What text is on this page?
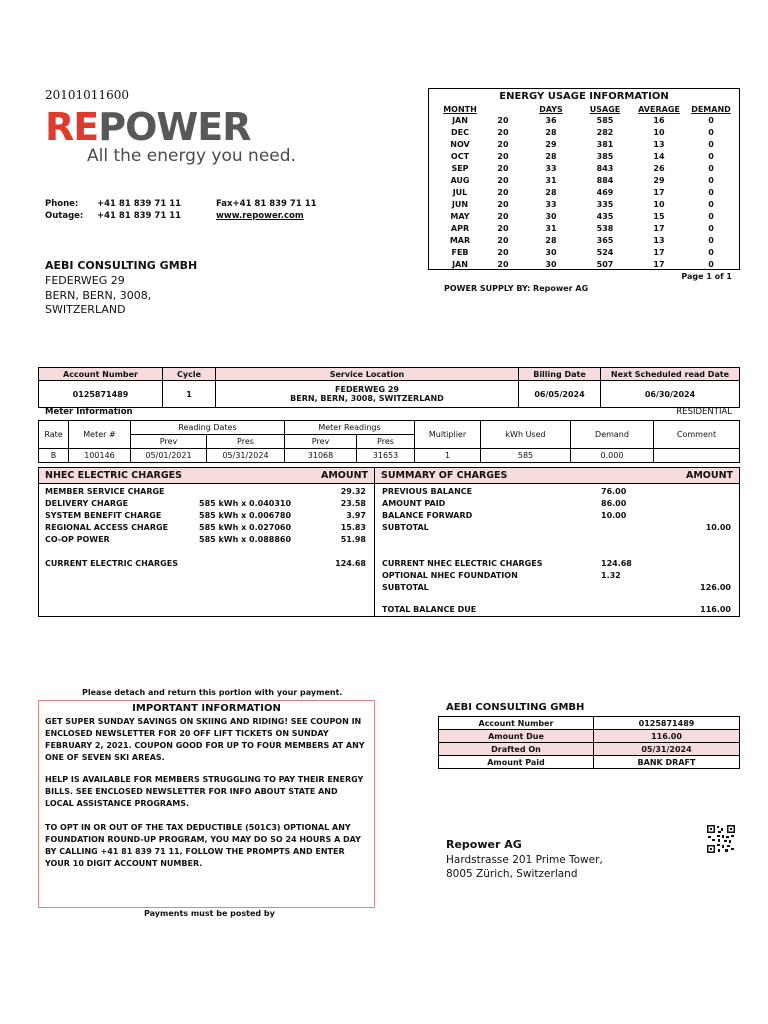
20101011600
REPOWER
All the energy you need.
Phone: +41 81 839 71 11	Fax+41 81 839 71 11
Outage: +41 81 839 71 11	www.repower.com
AEBI CONSULTING GMBH
FEDERWEG 29
BERN, BERN, 3008,
SWITZERLAND
ENERGY USAGE INFORMATION
MONTH		DAYS	USAGE	AVERAGE	DEMAND
JAN	20	36	585	16	0
DEC	20	28	282	10	0
NOV	20	29	381	13	0
OCT	20	28	385	14	0
SEP	20	33	843	26	0
AUG	20	31	884	29	0
JUL	20	28	469	17	0
JUN	20	33	335	10	0
MAY	20	30	435	15	0
APR	20	31	538	17	0
MAR	20	28	365	13	0
FEB	20	30	524	17	0
JAN	20	30	507	17	0
Page 1 of 1
POWER SUPPLY BY: Repower AG
Account Number	Cycle	Service Location	Billing Date	Next Scheduled read Date
0125871489	1	FEDERWEG 29
BERN, BERN, 3008, SWITZERLAND	06/05/2024	06/30/2024
Meter Information	RESIDENTIAL
Rate	Meter #	Reading Dates		Meter Readings		Multiplier	kWh Used	Demand	Comment
		Prev	Pres	Prev	Pres				
B	100146	05/01/2021	05/31/2024	31068	31653	1	585	0.000	
NHEC ELECTRIC CHARGES	AMOUNT SUMMARY OF CHARGES	AMOUNT
MEMBER SERVICE CHARGE	29.32
DELIVERY CHARGE	585 kWh x 0.040310	23.58
SYSTEM BENEFIT CHARGE	585 kWh x 0.006780	3.97
REGIONAL ACCESS CHARGE	585 kWh x 0.027060	15.83
CO-OP POWER	585 kWh x 0.088860	51.98
CURRENT ELECTRIC CHARGES	124.68
PREVIOUS BALANCE	76.00
AMOUNT PAID	86.00
BALANCE FORWARD	10.00
SUBTOTAL	10.00
CURRENT NHEC ELECTRIC CHARGES	124.68
OPTIONAL NHEC FOUNDATION	1.32
SUBTOTAL	126.00
TOTAL BALANCE DUE	116.00
Please detach and return this portion with your payment.
IMPORTANT INFORMATION
GET SUPER SUNDAY SAVINGS ON SKIING AND RIDING! SEE COUPON IN ENCLOSED NEWSLETTER FOR 20 OFF LIFT TICKETS ON SUNDAY FEBRUARY 2, 2021. COUPON GOOD FOR UP TO FOUR MEMBERS AT ANY ONE OF SEVEN SKI AREAS.
HELP IS AVAILABLE FOR MEMBERS STRUGGLING TO PAY THEIR ENERGY BILLS. SEE ENCLOSED NEWSLETTER FOR INFO ABOUT STATE AND LOCAL ASSISTANCE PROGRAMS.
TO OPT IN OR OUT OF THE TAX DEDUCTIBLE (501C3) OPTIONAL ANY FOUNDATION ROUND-UP PROGRAM, YOU MAY DO SO 24 HOURS A DAY BY CALLING +41 81 839 71 11, FOLLOW THE PROMPTS AND ENTER YOUR 10 DIGIT ACCOUNT NUMBER.
Payments must be posted by
AEBI CONSULTING GMBH
Account Number	0125871489
Amount Due	116.00
Drafted On	05/31/2024
Amount Paid	BANK DRAFT
Repower AG
Hardstrasse 201 Prime Tower,
8005 Zürich, Switzerland
